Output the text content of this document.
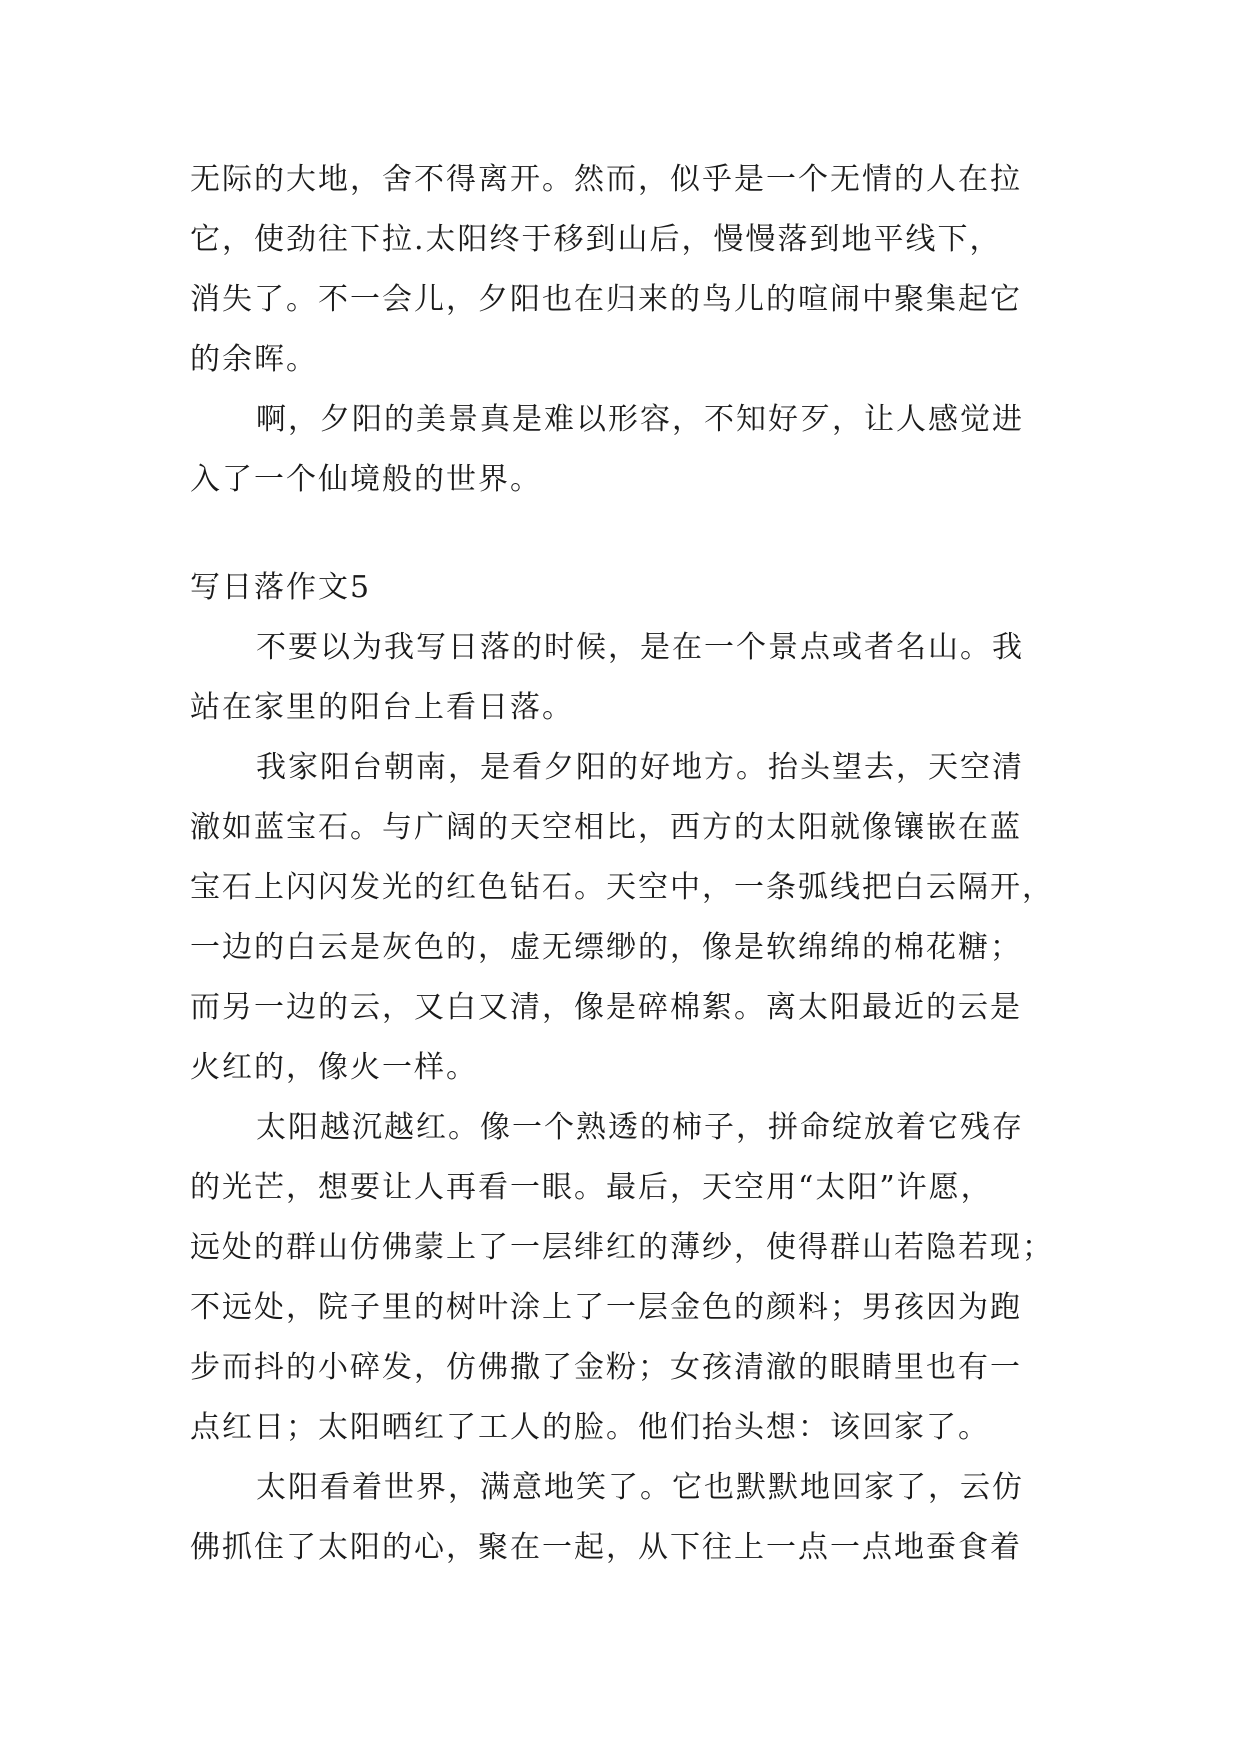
无际的大地，舍不得离开。然而，似乎是一个无情的人在拉
它，使劲往下拉.太阳终于移到山后，慢慢落到地平线下，
消失了。不一会儿，夕阳也在归来的鸟儿的喧闹中聚集起它
的余晖。
啊，夕阳的美景真是难以形容，不知好歹，让人感觉进
入了一个仙境般的世界。
写日落作文5
不要以为我写日落的时候，是在一个景点或者名山。我
站在家里的阳台上看日落。
我家阳台朝南，是看夕阳的好地方。抬头望去，天空清
澈如蓝宝石。与广阔的天空相比，西方的太阳就像镶嵌在蓝
宝石上闪闪发光的红色钻石。天空中，一条弧线把白云隔开，
一边的白云是灰色的，虚无缥缈的，像是软绵绵的棉花糖；
而另一边的云，又白又清，像是碎棉絮。离太阳最近的云是
火红的，像火一样。
太阳越沉越红。像一个熟透的柿子，拼命绽放着它残存
的光芒，想要让人再看一眼。最后，天空用“太阳”许愿，
远处的群山仿佛蒙上了一层绯红的薄纱，使得群山若隐若现；
不远处，院子里的树叶涂上了一层金色的颜料；男孩因为跑
步而抖的小碎发，仿佛撒了金粉；女孩清澈的眼睛里也有一
点红日；太阳晒红了工人的脸。他们抬头想：该回家了。
太阳看着世界，满意地笑了。它也默默地回家了，云仿
佛抓住了太阳的心，聚在一起，从下往上一点一点地蚕食着
